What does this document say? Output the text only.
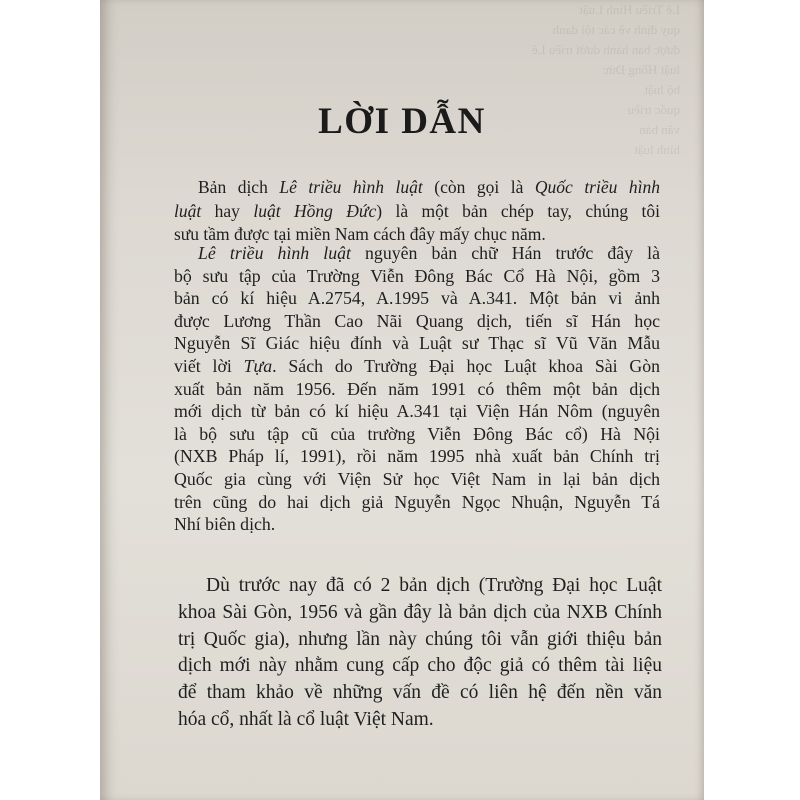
Lê Triều Hình Luật
quy định về các tội danh
được ban hành dưới triều Lê
luật Hồng Đức
bộ luật
quốc triều
văn bản
hình luật
LỜI DẪN
Bản dịch Lê triều hình luật (còn gọi là Quốc triều hình
luật hay luật Hồng Đức) là một bản chép tay, chúng tôi
sưu tầm được tại miền Nam cách đây mấy chục năm.
Lê triều hình luật nguyên bản chữ Hán trước đây là
bộ sưu tập của Trường Viễn Đông Bác Cổ Hà Nội, gồm 3
bản có kí hiệu A.2754, A.1995 và A.341. Một bản vi ảnh
được Lương Thần Cao Nãi Quang dịch, tiến sĩ Hán học
Nguyễn Sĩ Giác hiệu đính và Luật sư Thạc sĩ Vũ Văn Mẫu
viết lời Tựa. Sách do Trường Đại học Luật khoa Sài Gòn
xuất bản năm 1956. Đến năm 1991 có thêm một bản dịch
mới dịch từ bản có kí hiệu A.341 tại Viện Hán Nôm (nguyên
là bộ sưu tập cũ của trường Viễn Đông Bác cổ) Hà Nội
(NXB Pháp lí, 1991), rồi năm 1995 nhà xuất bản Chính trị
Quốc gia cùng với Viện Sử học Việt Nam in lại bản dịch
trên cũng do hai dịch giả Nguyễn Ngọc Nhuận, Nguyễn Tá
Nhí biên dịch.
Dù trước nay đã có 2 bản dịch (Trường Đại học Luật
khoa Sài Gòn, 1956 và gần đây là bản dịch của NXB Chính
trị Quốc gia), nhưng lần này chúng tôi vẫn giới thiệu bản
dịch mới này nhằm cung cấp cho độc giả có thêm tài liệu
để tham khảo về những vấn đề có liên hệ đến nền văn
hóa cổ, nhất là cổ luật Việt Nam.
